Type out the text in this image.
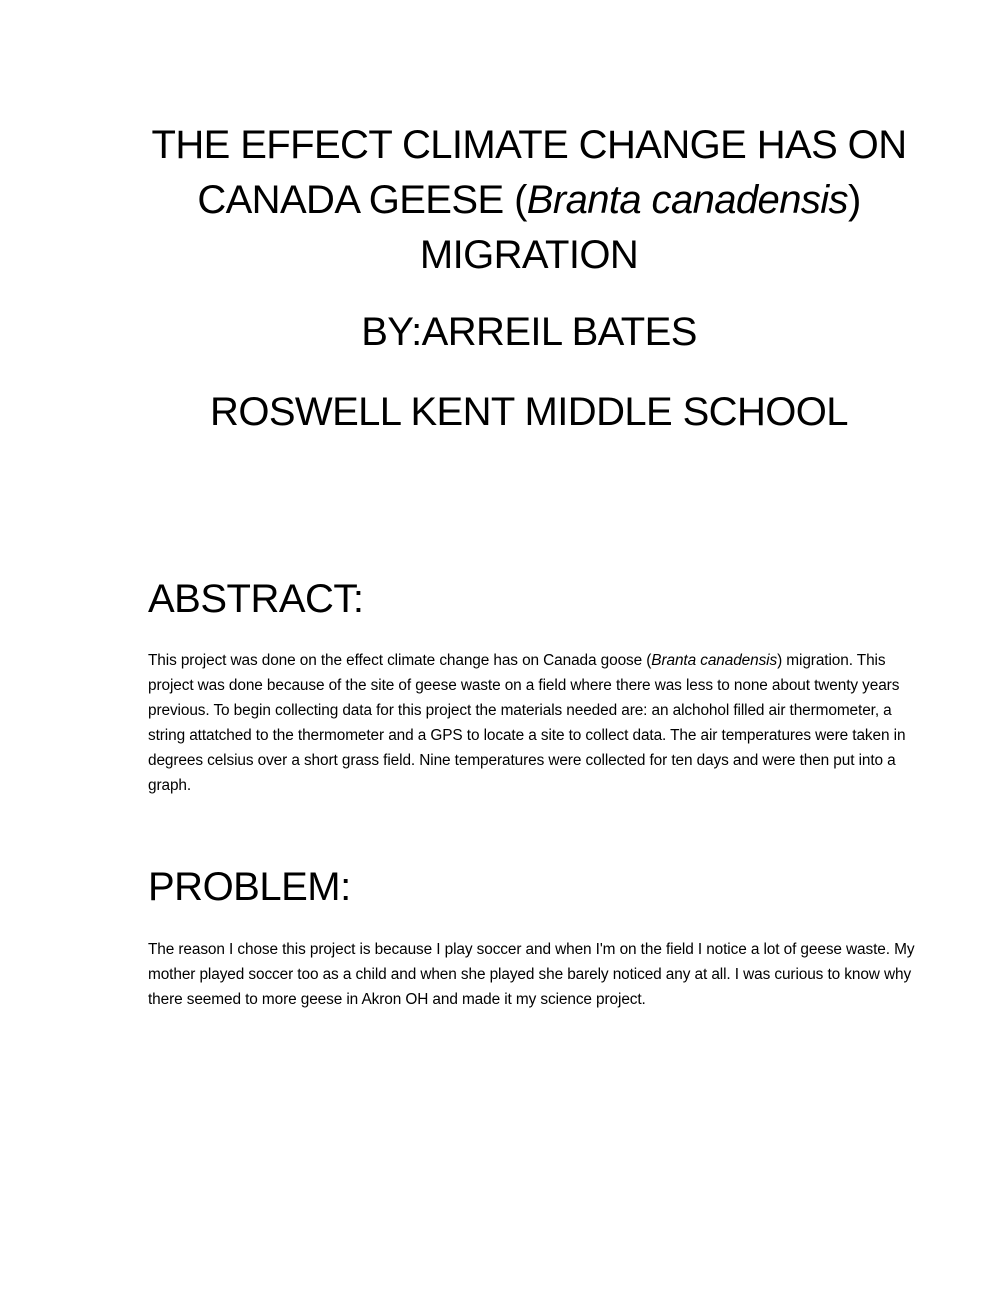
THE EFFECT CLIMATE CHANGE HAS ON
CANADA GEESE (Branta canadensis)
MIGRATION
BY:ARREIL BATES
ROSWELL KENT MIDDLE SCHOOL
ABSTRACT:

This project was done on the effect climate change has on Canada goose (Branta canadensis) migration. This project was done because of the site of geese waste on a field where there was less to none about twenty years previous. To begin collecting data for this project the materials needed are: an alchohol filled air thermometer, a string attatched to the thermometer and a GPS to locate a site to collect data. The air temperatures were taken in degrees celsius over a short grass field. Nine temperatures were collected for ten days and were then put into a graph.

PROBLEM:

The reason I chose this project is because I play soccer and when I'm on the field I notice a lot of geese waste. My mother played soccer too as a child and when she played she barely noticed any at all. I was curious to know why there seemed to more geese in Akron OH and made it my science project.
